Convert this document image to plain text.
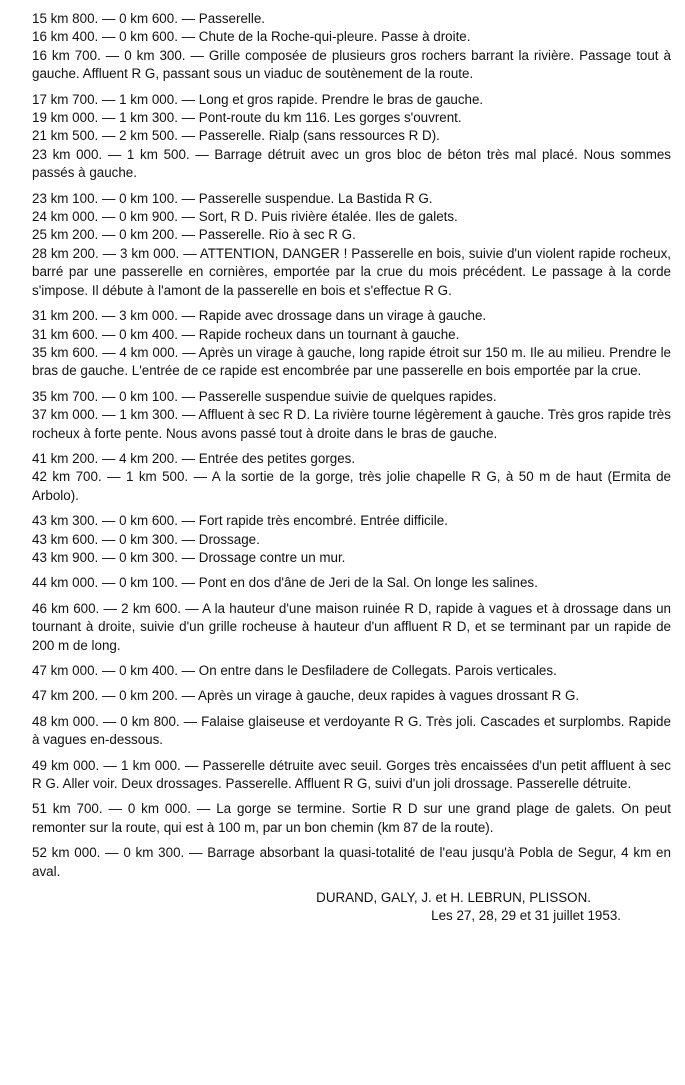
15 km 800. — 0 km 600. — Passerelle.

16 km 400. — 0 km 600. — Chute de la Roche-qui-pleure. Passe à droite.

16 km 700. — 0 km 300. — Grille composée de plusieurs gros rochers barrant la rivière. Passage tout à gauche. Affluent R G, passant sous un viaduc de soutènement de la route.

17 km 700. — 1 km 000. — Long et gros rapide. Prendre le bras de gauche.

19 km 000. — 1 km 300. — Pont-route du km 116. Les gorges s'ouvrent.

21 km 500. — 2 km 500. — Passerelle. Rialp (sans ressources R D).

23 km 000. — 1 km 500. — Barrage détruit avec un gros bloc de béton très mal placé. Nous sommes passés à gauche.

23 km 100. — 0 km 100. — Passerelle suspendue. La Bastida R G.

24 km 000. — 0 km 900. — Sort, R D. Puis rivière étalée. Iles de galets.

25 km 200. — 0 km 200. — Passerelle. Rio à sec R G.

28 km 200. — 3 km 000. — ATTENTION, DANGER ! Passerelle en bois, suivie d'un violent rapide rocheux, barré par une passerelle en cornières, emportée par la crue du mois précédent. Le passage à la corde s'impose. Il débute à l'amont de la passerelle en bois et s'effectue R G.

31 km 200. — 3 km 000. — Rapide avec drossage dans un virage à gauche.

31 km 600. — 0 km 400. — Rapide rocheux dans un tournant à gauche.

35 km 600. — 4 km 000. — Après un virage à gauche, long rapide étroit sur 150 m. Ile au milieu. Prendre le bras de gauche. L'entrée de ce rapide est encombrée par une passerelle en bois emportée par la crue.

35 km 700. — 0 km 100. — Passerelle suspendue suivie de quelques rapides.

37 km 000. — 1 km 300. — Affluent à sec R D. La rivière tourne légèrement à gauche. Très gros rapide très rocheux à forte pente. Nous avons passé tout à droite dans le bras de gauche.

41 km 200. — 4 km 200. — Entrée des petites gorges.

42 km 700. — 1 km 500. — A la sortie de la gorge, très jolie chapelle R G, à 50 m de haut (Ermita de Arbolo).

43 km 300. — 0 km 600. — Fort rapide très encombré. Entrée difficile.

43 km 600. — 0 km 300. — Drossage.

43 km 900. — 0 km 300. — Drossage contre un mur.

44 km 000. — 0 km 100. — Pont en dos d'âne de Jeri de la Sal. On longe les salines.

46 km 600. — 2 km 600. — A la hauteur d'une maison ruinée R D, rapide à vagues et à drossage dans un tournant à droite, suivie d'un grille rocheuse à hauteur d'un affluent R D, et se terminant par un rapide de 200 m de long.

47 km 000. — 0 km 400. — On entre dans le Desfiladere de Collegats. Parois verticales.

47 km 200. — 0 km 200. — Après un virage à gauche, deux rapides à vagues drossant R G.

48 km 000. — 0 km 800. — Falaise glaiseuse et verdoyante R G. Très joli. Cascades et surplombs. Rapide à vagues en-dessous.

49 km 000. — 1 km 000. — Passerelle détruite avec seuil. Gorges très encaissées d'un petit affluent à sec R G. Aller voir. Deux drossages. Passerelle. Affluent R G, suivi d'un joli drossage. Passerelle détruite.

51 km 700. — 0 km 000. — La gorge se termine. Sortie R D sur une grand plage de galets. On peut remonter sur la route, qui est à 100 m, par un bon chemin (km 87 de la route).

52 km 000. — 0 km 300. — Barrage absorbant la quasi-totalité de l'eau jusqu'à Pobla de Segur, 4 km en aval.

DURAND, GALY, J. et H. LEBRUN, PLISSON.
Les 27, 28, 29 et 31 juillet 1953.
